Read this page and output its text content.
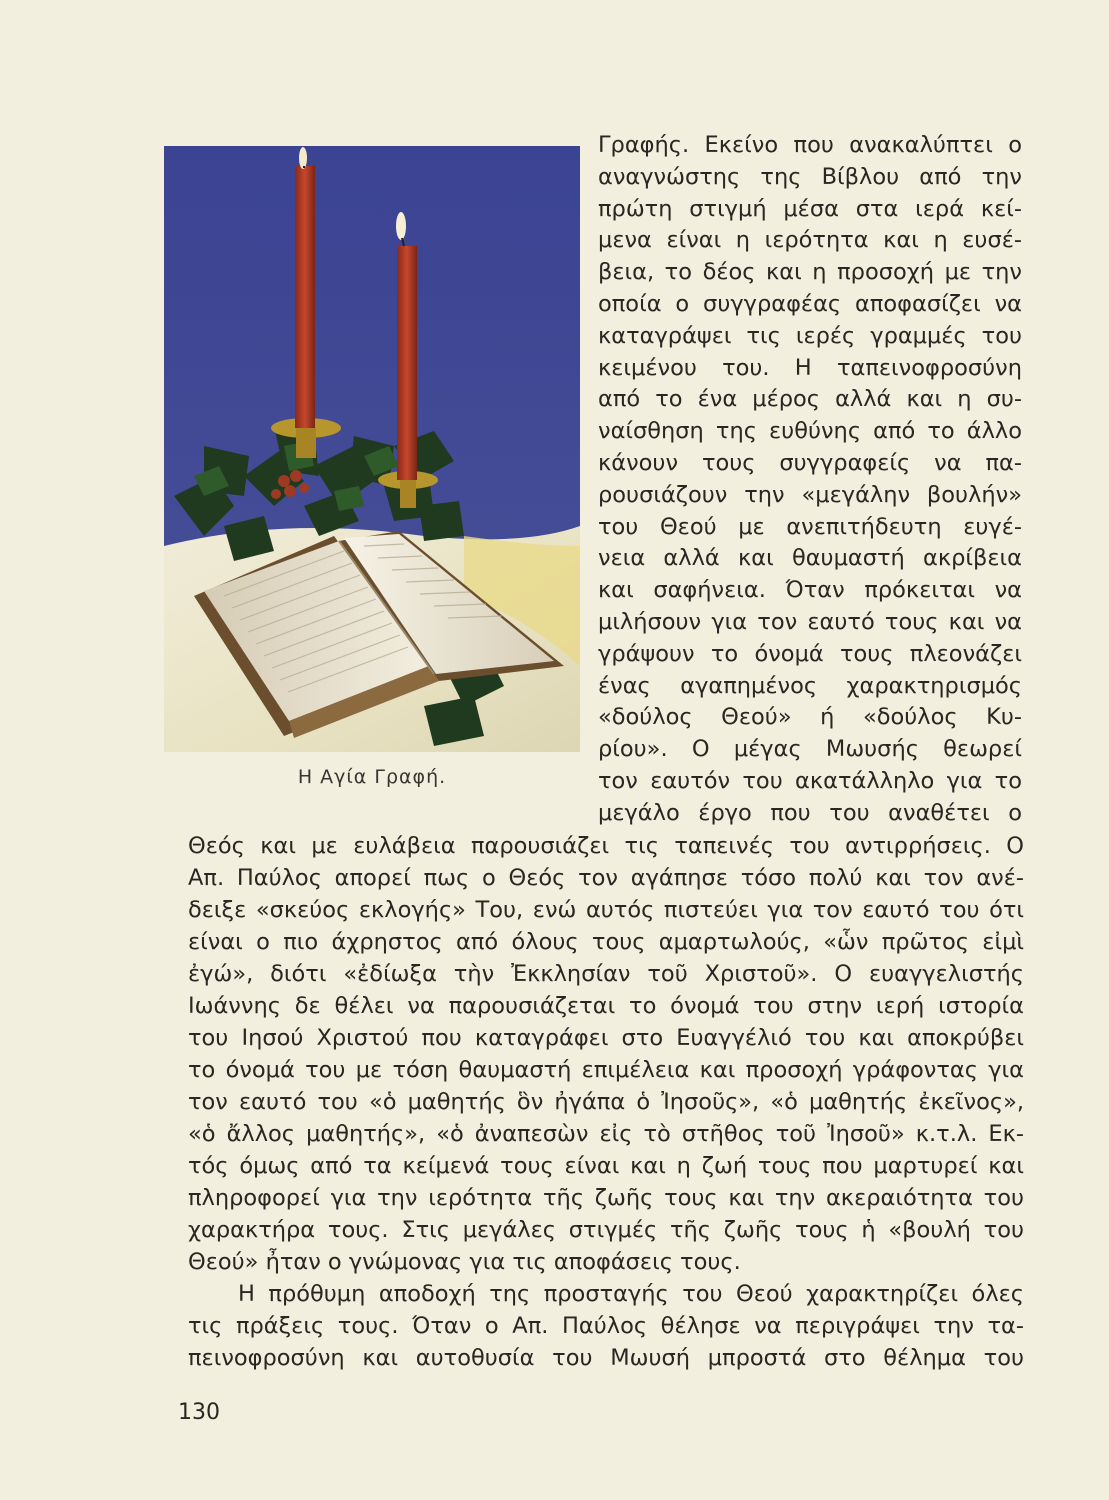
Η Αγία Γραφή.
Γραφής. Εκείνο που ανακαλύπτει ο
αναγνώστης της Βίβλου από την
πρώτη στιγμή μέσα στα ιερά κεί-
μενα είναι η ιερότητα και η ευσέ-
βεια, το δέος και η προσοχή με την
οποία ο συγγραφέας αποφασίζει να
καταγράψει τις ιερές γραμμές του
κειμένου του. Η ταπεινοφροσύνη
από το ένα μέρος αλλά και η συ-
ναίσθηση της ευθύνης από το άλλο
κάνουν τους συγγραφείς να πα-
ρουσιάζουν την «μεγάλην βουλήν»
του Θεού με ανεπιτήδευτη ευγέ-
νεια αλλά και θαυμαστή ακρίβεια
και σαφήνεια. Όταν πρόκειται να
μιλήσουν για τον εαυτό τους και να
γράψουν το όνομά τους πλεονάζει
ένας αγαπημένος χαρακτηρισμός
«δούλος Θεού» ή «δούλος Κυ-
ρίου». Ο μέγας Μωυσής θεωρεί
τον εαυτόν του ακατάλληλο για το
μεγάλο έργο που του αναθέτει ο
Θεός και με ευλάβεια παρουσιάζει τις ταπεινές του αντιρρήσεις. Ο
Απ. Παύλος απορεί πως ο Θεός τον αγάπησε τόσο πολύ και τον ανέ-
δειξε «σκεύος εκλογής» Του, ενώ αυτός πιστεύει για τον εαυτό του ότι
είναι ο πιο άχρηστος από όλους τους αμαρτωλούς, «ὧν πρῶτος εἰμὶ
ἐγώ», διότι «ἐδίωξα τὴν Ἐκκλησίαν τοῦ Χριστοῦ». Ο ευαγγελιστής
Ιωάννης δε θέλει να παρουσιάζεται το όνομά του στην ιερή ιστορία
του Ιησού Χριστού που καταγράφει στο Ευαγγέλιό του και αποκρύβει
το όνομά του με τόση θαυμαστή επιμέλεια και προσοχή γράφοντας για
τον εαυτό του «ὁ μαθητής ὃν ἠγάπα ὁ Ἰησοῦς», «ὁ μαθητής ἐκεῖνος»,
«ὁ ἄλλος μαθητής», «ὁ ἀναπεσὼν εἰς τὸ στῆθος τοῦ Ἰησοῦ» κ.τ.λ. Εκ-
τός όμως από τα κείμενά τους είναι και η ζωή τους που μαρτυρεί και
πληροφορεί για την ιερότητα τῆς ζωῆς τους και την ακεραιότητα του
χαρακτήρα τους. Στις μεγάλες στιγμές τῆς ζωῆς τους ἡ «βουλή του
Θεού» ἦταν ο γνώμονας για τις αποφάσεις τους.
Η πρόθυμη αποδοχή της προσταγής του Θεού χαρακτηρίζει όλες
τις πράξεις τους. Όταν ο Απ. Παύλος θέλησε να περιγράψει την τα-
πεινοφροσύνη και αυτοθυσία του Μωυσή μπροστά στο θέλημα του
130
